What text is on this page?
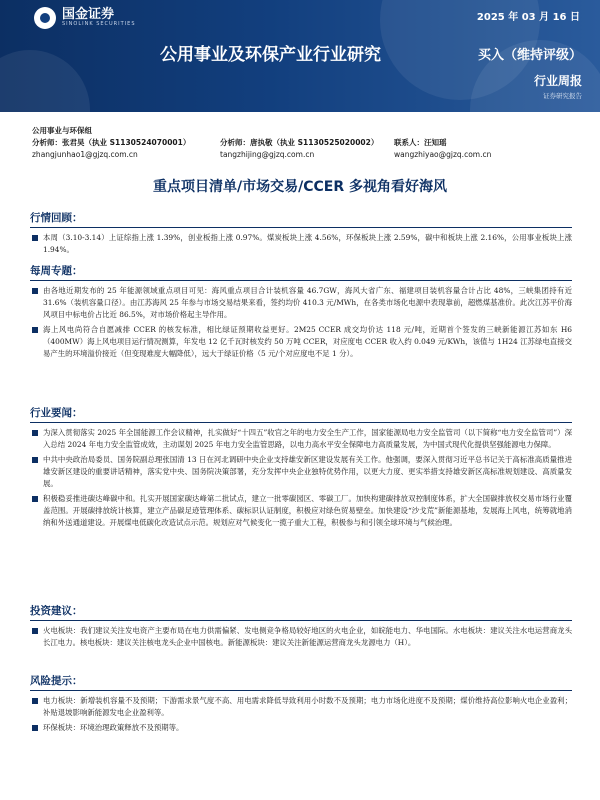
国金证券
SINOLINK SECURITIES
2025 年 03 月 16 日
公用事业及环保产业行业研究	买入（维持评级）
行业周报
证券研究报告
公用事业与环保组
分析师：张君昊（执业 S1130524070001）	分析师：唐执敬（执业 S1130525020002）	联系人：汪知瑶
zhangjunhao1@gjzq.com.cn	tangzhijing@gjzq.com.cn	wangzhiyao@gjzq.com.cn
重点项目清单/市场交易/CCER 多视角看好海风
行情回顾：
本周（3.10-3.14）上证综指上涨 1.39%，创业板指上涨 0.97%。煤炭板块上涨 4.56%，环保板块上涨 2.59%，碳中和板块上涨 2.16%，公用事业板块上涨 1.94%。
每周专题：
由各地近期发布的 25 年能源领域重点项目可见：海风重点项目合计装机容量 46.7GW，海风大省广东、福建项目装机容量合计占比 48%，三峡集团持有近 31.6%（装机容量口径）。由江苏海风 25 年参与市场交易结果来看，签约均价 410.3 元/MWh，在各类市场化电源中表现靠前，超燃煤基准价。此次江苏平价海风项目中标电价占比近 86.5%，对市场价格起主导作用。
海上风电尚符合自愿减排 CCER 的核发标准，相比绿证预期收益更好。2M25 CCER 成交均价达 118 元/吨，近期首个签发的三峡新能源江苏如东 H6（400MW）海上风电项目运行情况测算，年发电 12 亿千瓦时核发约 50 万吨 CCER，对应度电 CCER 收入约 0.049 元/KWh，该值与 1H24 江苏绿电直接交易产生的环境溢价接近（但变现难度大幅降低），远大于绿证价格（5 元/个对应度电不足 1 分）。
行业要闻：
为深入贯彻落实 2025 年全国能源工作会议精神，扎实做好“十四五”收官之年的电力安全生产工作，国家能源局电力安全监管司（以下简称“电力安全监管司”）深入总结 2024 年电力安全监管成效，主动谋划 2025 年电力安全监管思路，以电力高水平安全保障电力高质量发展，为中国式现代化提供坚强能源电力保障。
中共中央政治局委员、国务院副总理张国清 13 日在河北调研中央企业支持雄安新区建设发展有关工作。他强调，要深入贯彻习近平总书记关于高标准高质量推进雄安新区建设的重要讲话精神，落实党中央、国务院决策部署，充分发挥中央企业独特优势作用，以更大力度、更实举措支持雄安新区高标准规划建设、高质量发展。
积极稳妥推进碳达峰碳中和。扎实开展国家碳达峰第二批试点，建立一批零碳园区、零碳工厂。加快构建碳排放双控制度体系，扩大全国碳排放权交易市场行业覆盖范围。开展碳排放统计核算，建立产品碳足迹管理体系、碳标识认证制度，积极应对绿色贸易壁垒。加快建设“沙戈荒”新能源基地，发展海上风电，统筹就地消纳和外送通道建设。开展煤电低碳化改造试点示范。规划应对气候变化一揽子重大工程，积极参与和引领全球环境与气候治理。
投资建议：
火电板块：我们建议关注发电资产主要布局在电力供需偏紧、发电侧竞争格局较好地区的火电企业，如皖能电力、华电国际。水电板块：建议关注水电运营商龙头长江电力。核电板块：建议关注核电龙头企业中国核电。新能源板块：建议关注新能源运营商龙头龙源电力（H）。
风险提示：
电力板块：新增装机容量不及预期；下游需求景气度不高、用电需求降低导致利用小时数不及预期；电力市场化进度不及预期；煤价维持高位影响火电企业盈利；补贴退坡影响新能源发电企业盈利等。
环保板块：环境治理政策释放不及预期等。
